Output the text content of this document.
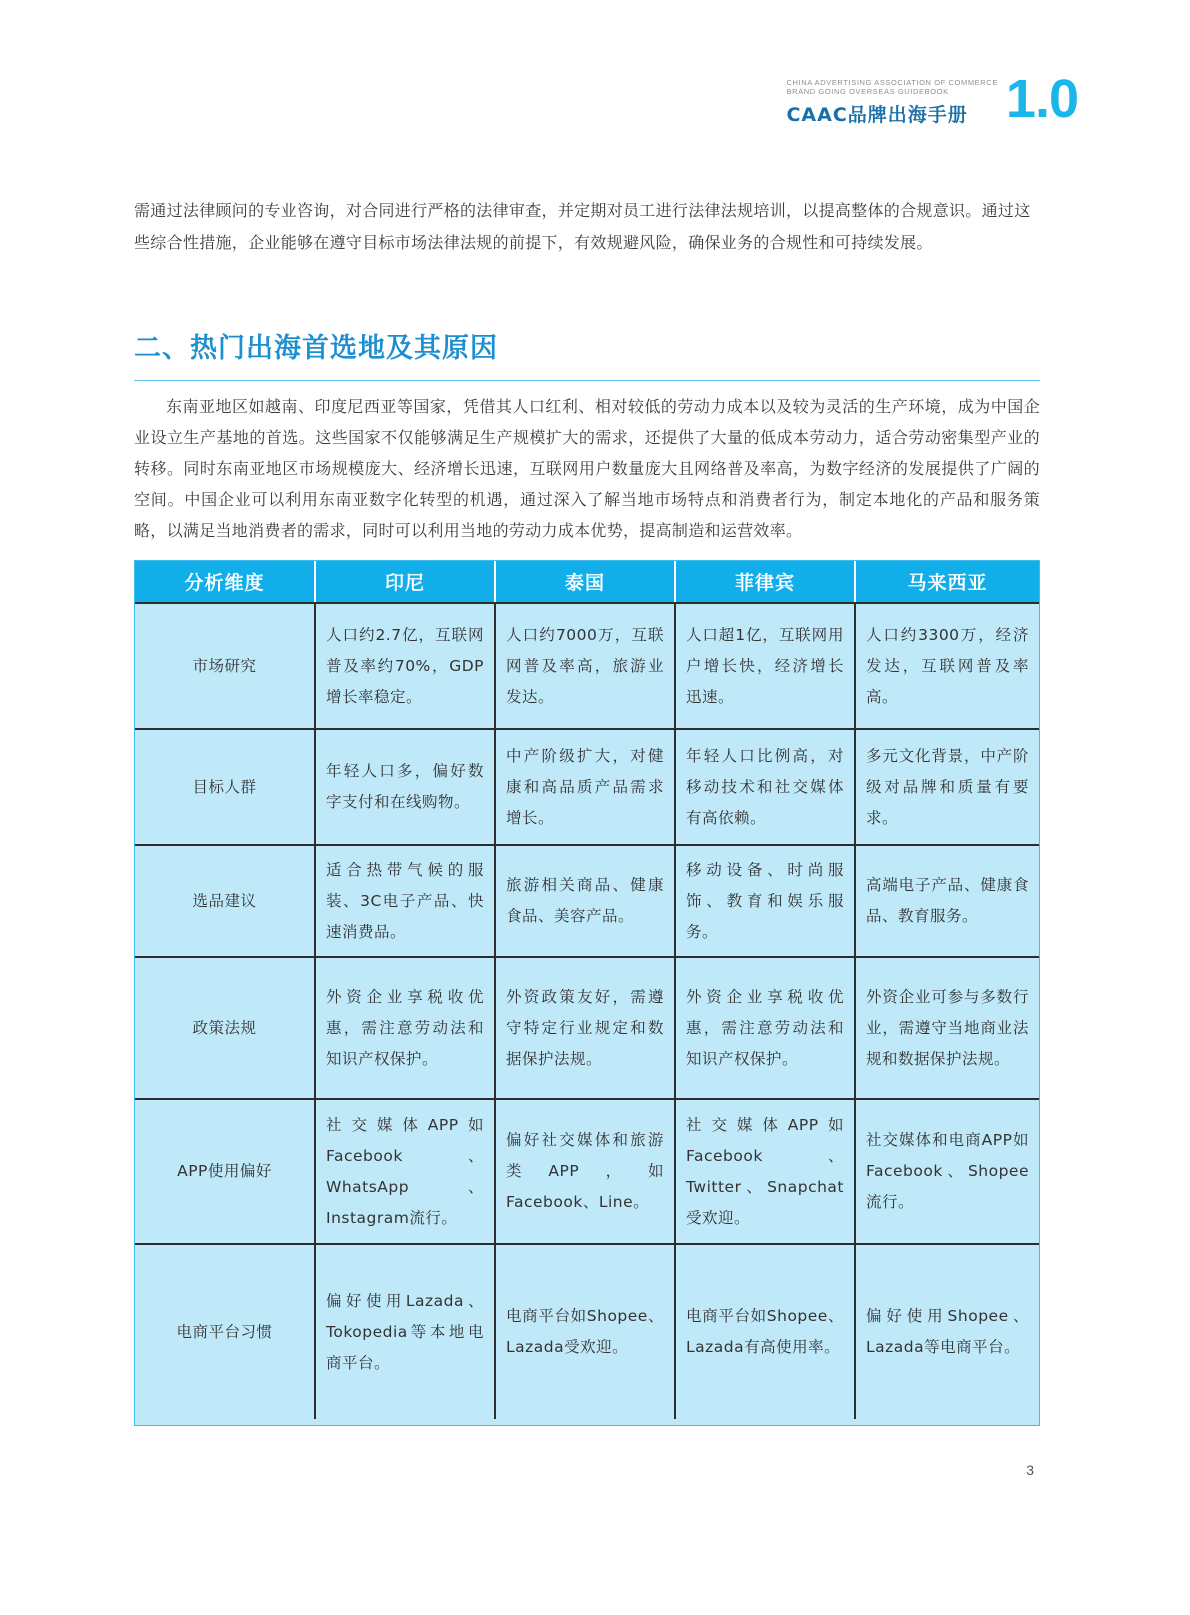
CHINA ADVERTISING ASSOCIATION OF COMMERCE
BRAND GOING OVERSEAS GUIDEBOOK
CAAC品牌出海手册 1.0
需通过法律顾问的专业咨询，对合同进行严格的法律审查，并定期对员工进行法律法规培训，以提高整体的合规意识。通过这些综合性措施，企业能够在遵守目标市场法律法规的前提下，有效规避风险，确保业务的合规性和可持续发展。
二、热门出海首选地及其原因
东南亚地区如越南、印度尼西亚等国家，凭借其人口红利、相对较低的劳动力成本以及较为灵活的生产环境，成为中国企业设立生产基地的首选。这些国家不仅能够满足生产规模扩大的需求，还提供了大量的低成本劳动力，适合劳动密集型产业的转移。同时东南亚地区市场规模庞大、经济增长迅速，互联网用户数量庞大且网络普及率高，为数字经济的发展提供了广阔的空间。中国企业可以利用东南亚数字化转型的机遇，通过深入了解当地市场特点和消费者行为，制定本地化的产品和服务策略，以满足当地消费者的需求，同时可以利用当地的劳动力成本优势，提高制造和运营效率。
分析维度	印尼	泰国	菲律宾	马来西亚
市场研究	人口约2.7亿，互联网普及率约70%，GDP增长率稳定。	人口约7000万，互联网普及率高，旅游业发达。	人口超1亿，互联网用户增长快，经济增长迅速。	人口约3300万，经济发达，互联网普及率高。
目标人群	年轻人口多，偏好数字支付和在线购物。	中产阶级扩大，对健康和高品质产品需求增长。	年轻人口比例高，对移动技术和社交媒体有高依赖。	多元文化背景，中产阶级对品牌和质量有要求。
选品建议	适合热带气候的服装、3C电子产品、快速消费品。	旅游相关商品、健康食品、美容产品。	移动设备、时尚服饰、教育和娱乐服务。	高端电子产品、健康食品、教育服务。
政策法规	外资企业享税收优惠，需注意劳动法和知识产权保护。	外资政策友好，需遵守特定行业规定和数据保护法规。	外资企业享税收优惠，需注意劳动法和知识产权保护。	外资企业可参与多数行业，需遵守当地商业法规和数据保护法规。
APP使用偏好	社交媒体APP如Facebook、WhatsApp、Instagram流行。	偏好社交媒体和旅游类APP，如Facebook、Line。	社交媒体APP如Facebook、Twitter、Snapchat受欢迎。	社交媒体和电商APP如Facebook、Shopee流行。
电商平台习惯	偏好使用Lazada、Tokopedia等本地电商平台。	电商平台如Shopee、Lazada受欢迎。	电商平台如Shopee、Lazada有高使用率。	偏好使用Shopee、Lazada等电商平台。
3
